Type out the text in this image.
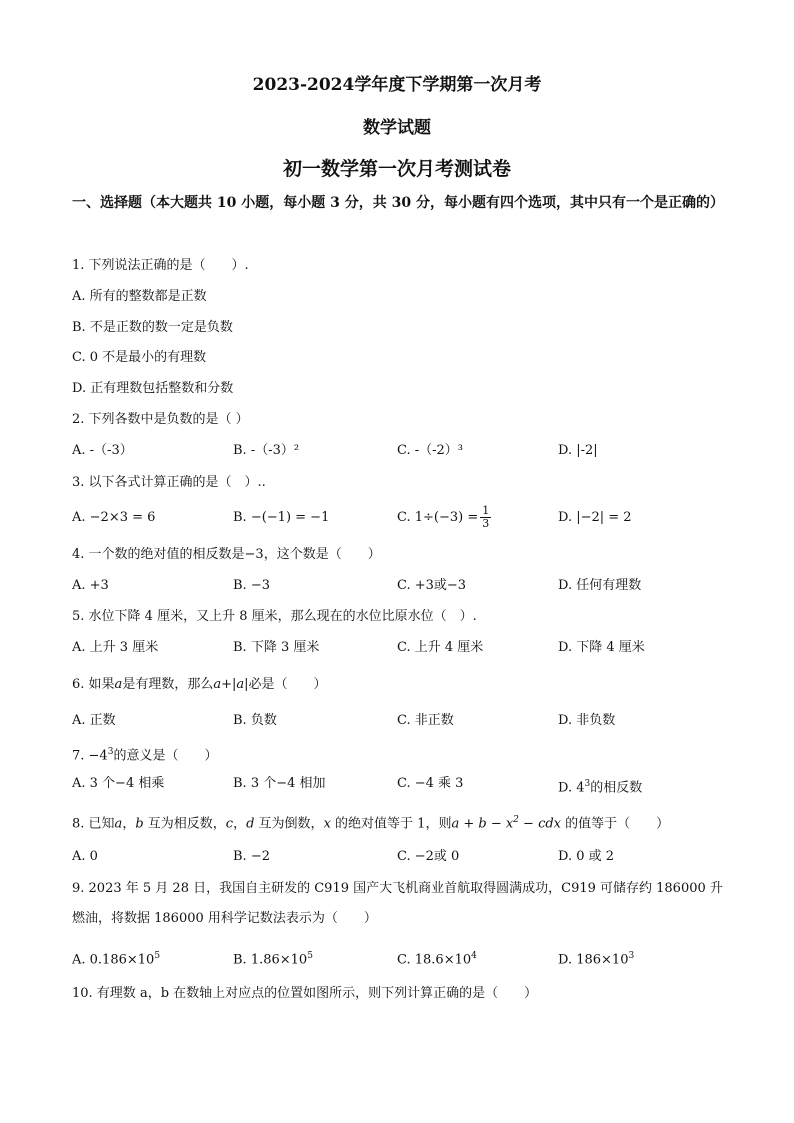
2023-2024学年度下学期第一次月考
数学试题
初一数学第一次月考测试卷
一、选择题（本大题共 10 小题，每小题 3 分，共 30 分，每小题有四个选项，其中只有一个是正确的）
1. 下列说法正确的是（　　）.
A. 所有的整数都是正数
B. 不是正数的数一定是负数
C. 0 不是最小的有理数
D. 正有理数包括整数和分数
2. 下列各数中是负数的是（ ）
A. -（-3）	B. -（-3）²	C. -（-2）³	D. |-2|
3. 以下各式计算正确的是（　）..
A. −2×3 = 6	B. −(−1) = −1	C. $1\div(-3) = \frac{1}{3}$	D. |−2| = 2
4. 一个数的绝对值的相反数是−3，这个数是（　　）
A. +3	B. −3	C. +3或−3	D. 任何有理数
5. 水位下降 4 厘米，又上升 8 厘米，那么现在的水位比原水位（　）.
A. 上升 3 厘米	B. 下降 3 厘米	C. 上升 4 厘米	D. 下降 4 厘米
6. 如果a是有理数，那么a+|a|必是（　　）
A. 正数	B. 负数	C. 非正数	D. 非负数
7. $-4^3$的意义是（　　）
A. 3 个−4 相乘	B. 3 个−4 相加	C. −4 乘 3	D. $4^3$的相反数
8. 已知a，b 互为相反数，c，d 互为倒数，x 的绝对值等于 1，则$a + b - x^2$ − cdx 的值等于（　　）
A. 0	B. −2	C. −2或 0	D. 0 或 2
9. 2023 年 5 月 28 日，我国自主研发的 C919 国产大飞机商业首航取得圆满成功，C919 可储存约 186000 升
燃油，将数据 186000 用科学记数法表示为（　　）
A. $0.186\times 10^5$	B. $1.86\times 10^5$	C. $18.6\times 10^4$	D. $186\times 10^3$
10. 有理数 a，b 在数轴上对应点的位置如图所示，则下列计算正确的是（　　）
